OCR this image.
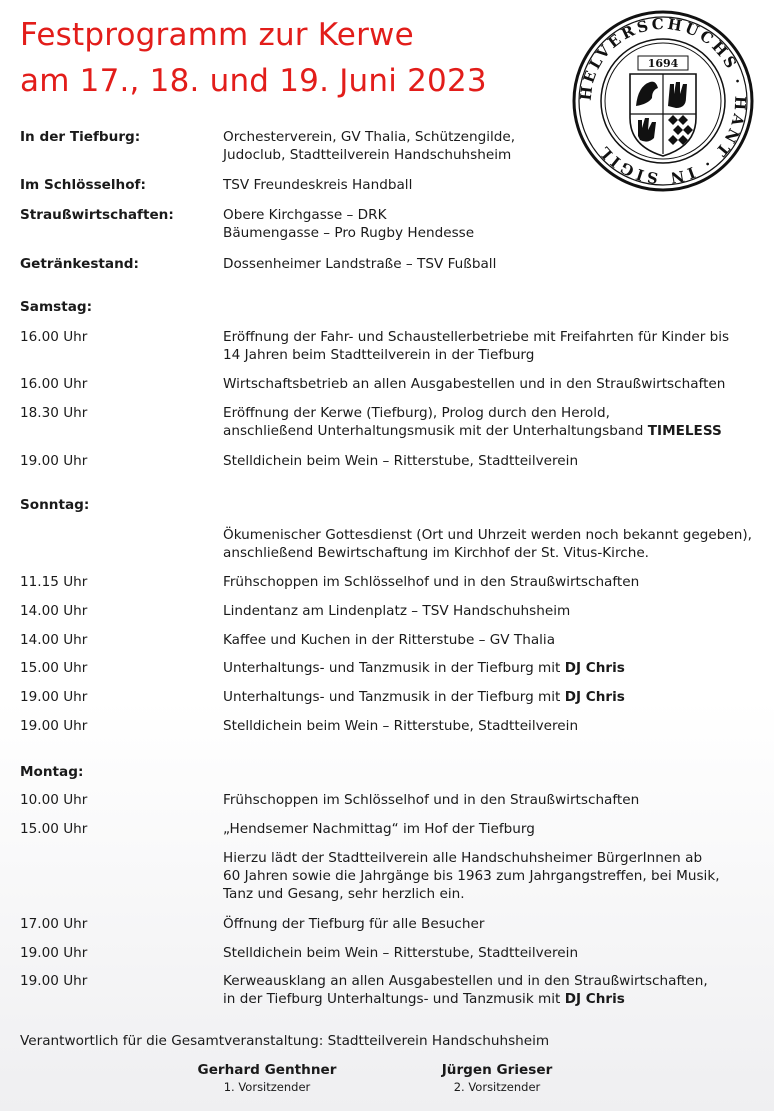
Festprogramm zur Kerwe
am 17., 18. und 19. Juni 2023	HELVERSCHUCHS · HANT · IN SIGIL
1694
In der Tiefburg:	Orchesterverein, GV Thalia, Schützengilde,
Judoclub, Stadtteilverein Handschuhsheim
Im Schlösselhof:	TSV Freundeskreis Handball
Straußwirtschaften:	Obere Kirchgasse – DRK
Bäumengasse – Pro Rugby Hendesse
Getränkestand:	Dossenheimer Landstraße – TSV Fußball
Samstag:
16.00 Uhr	Eröffnung der Fahr- und Schaustellerbetriebe mit Freifahrten für Kinder bis
14 Jahren beim Stadtteilverein in der Tiefburg
16.00 Uhr	Wirtschaftsbetrieb an allen Ausgabestellen und in den Straußwirtschaften
18.30 Uhr	Eröffnung der Kerwe (Tiefburg), Prolog durch den Herold,
anschließend Unterhaltungsmusik mit der Unterhaltungsband TIMELESS
19.00 Uhr	Stelldichein beim Wein – Ritterstube, Stadtteilverein
Sonntag:
Ökumenischer Gottesdienst (Ort und Uhrzeit werden noch bekannt gegeben),
anschließend Bewirtschaftung im Kirchhof der St. Vitus-Kirche.
11.15 Uhr	Frühschoppen im Schlösselhof und in den Straußwirtschaften
14.00 Uhr	Lindentanz am Lindenplatz – TSV Handschuhsheim
14.00 Uhr	Kaffee und Kuchen in der Ritterstube – GV Thalia
15.00 Uhr	Unterhaltungs- und Tanzmusik in der Tiefburg mit DJ Chris
19.00 Uhr	Unterhaltungs- und Tanzmusik in der Tiefburg mit DJ Chris
19.00 Uhr	Stelldichein beim Wein – Ritterstube, Stadtteilverein
Montag:
10.00 Uhr	Frühschoppen im Schlösselhof und in den Straußwirtschaften
15.00 Uhr	„Hendsemer Nachmittag“ im Hof der Tiefburg
Hierzu lädt der Stadtteilverein alle Handschuhsheimer BürgerInnen ab
60 Jahren sowie die Jahrgänge bis 1963 zum Jahrgangstreffen, bei Musik,
Tanz und Gesang, sehr herzlich ein.
17.00 Uhr	Öffnung der Tiefburg für alle Besucher
19.00 Uhr	Stelldichein beim Wein – Ritterstube, Stadtteilverein
19.00 Uhr	Kerweausklang an allen Ausgabestellen und in den Straußwirtschaften,
in der Tiefburg Unterhaltungs- und Tanzmusik mit DJ Chris
Verantwortlich für die Gesamtveranstaltung: Stadtteilverein Handschuhsheim
Gerhard Genthner
1. Vorsitzender
Jürgen Grieser
2. Vorsitzender
